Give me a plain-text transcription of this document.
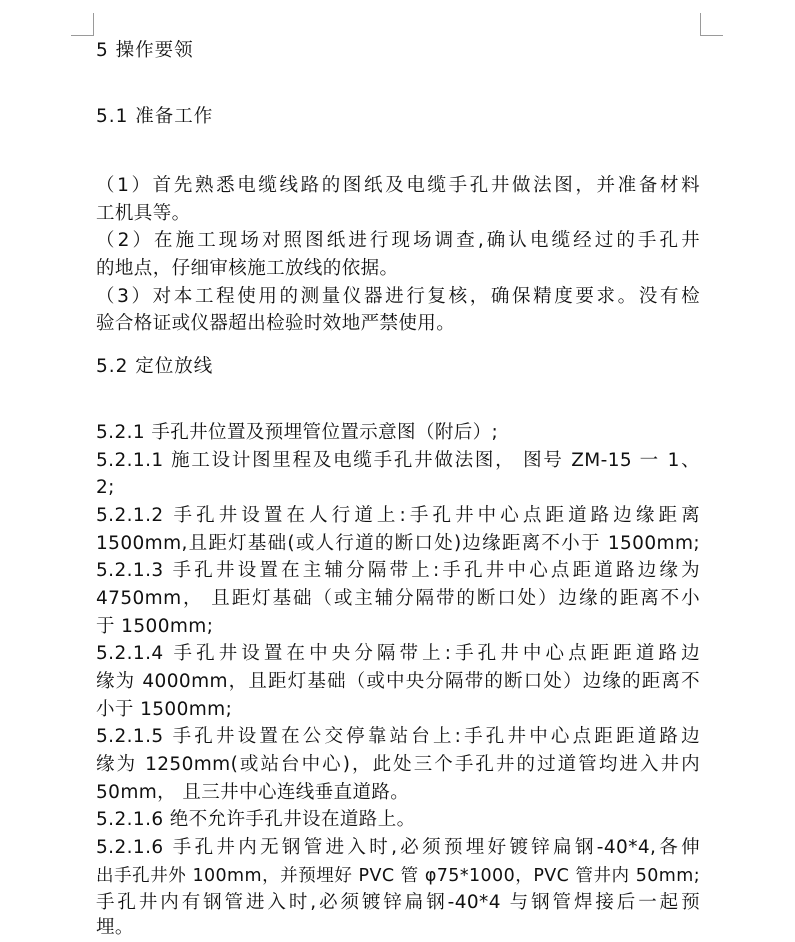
5 操作要领
5.1 准备工作
（1）首先熟悉电缆线路的图纸及电缆手孔井做法图，并准备材料
工机具等。
（2）在施工现场对照图纸进行现场调查,确认电缆经过的手孔井
的地点，仔细审核施工放线的依据。
（3）对本工程使用的测量仪器进行复核，确保精度要求。没有检
验合格证或仪器超出检验时效地严禁使用。
5.2 定位放线
5.2.1 手孔井位置及预埋管位置示意图（附后）;
5.2.1.1 施工设计图里程及电缆手孔井做法图， 图号 ZM-15 一 1、
2;
5.2.1.2 手孔井设置在人行道上:手孔井中心点距道路边缘距离
1500mm,且距灯基础(或人行道的断口处)边缘距离不小于 1500mm;
5.2.1.3 手孔井设置在主辅分隔带上:手孔井中心点距道路边缘为
4750mm， 且距灯基础（或主辅分隔带的断口处）边缘的距离不小
于 1500mm;
5.2.1.4 手孔井设置在中央分隔带上:手孔井中心点距距道路边
缘为 4000mm，且距灯基础（或中央分隔带的断口处）边缘的距离不
小于 1500mm;
5.2.1.5 手孔井设置在公交停靠站台上:手孔井中心点距距道路边
缘为 1250mm(或站台中心)，此处三个手孔井的过道管均进入井内
50mm， 且三井中心连线垂直道路。
5.2.1.6 绝不允许手孔井设在道路上。
5.2.1.6 手孔井内无钢管进入时,必须预埋好镀锌扁钢-40*4,各伸
出手孔井外 100mm，并预埋好 PVC 管 φ75*1000，PVC 管井内 50mm;
手孔井内有钢管进入时,必须镀锌扁钢-40*4 与钢管焊接后一起预
埋。
